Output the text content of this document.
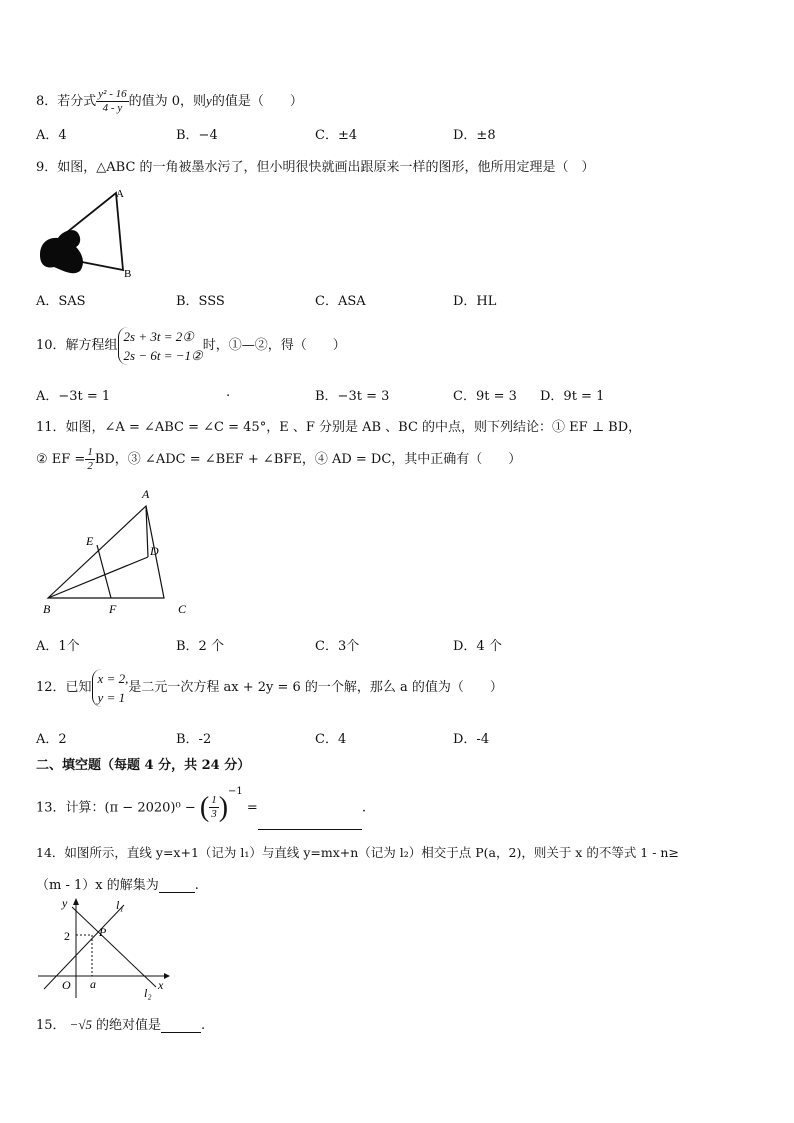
8．若分式 $\frac{\text{y² - 16}}{4 - y}$ 的值为 0，则y的值是（　　）
A．4	B．−4	C．±4	D．±8
9．如图，△ABC 的一角被墨水污了，但小明很快就画出跟原来一样的图形，他所用定理是（　）
A
B
A．SAS	B．SSS	C．ASA	D．HL
10．解方程组
2s + 3t = 2①
2s − 6t = −1②
时，①—②，得（　　）
A．−3t = 1	.	B．−3t = 3	C．9t = 3 D．9t = 1
11．如图，∠A = ∠ABC = ∠C = 45°，E 、F 分别是 AB 、BC 的中点，则下列结论：① EF ⊥ BD，
② EF = $\frac{1}{2}$ BD，③ ∠ADC = ∠BEF + ∠BFE，④ AD = DC，其中正确有（　　）
A
E
D
B	F	C
A．1个	B．2 个	C．3个	D．4 个
12．已知
x = 2,
y = 1
是二元一次方程 ax + 2y = 6 的一个解，那么 a 的值为（　　）
A．2	B．-2	C．4	D．-4
二、填空题（每题 4 分，共 24 分）
13．计算：(π − 2020)⁰ − ( $\frac{1}{3} )^{-1}$ =	.
14．如图所示，直线 y=x+1（记为 l₁）与直线 y=mx+n（记为 l₂）相交于点 P(a，2)，则关于 x 的不等式 1 - n≥
（m - 1）x 的解集为	.
y	l₁
2 P
O a
l₂
x
15． −√5 的绝对值是	.
